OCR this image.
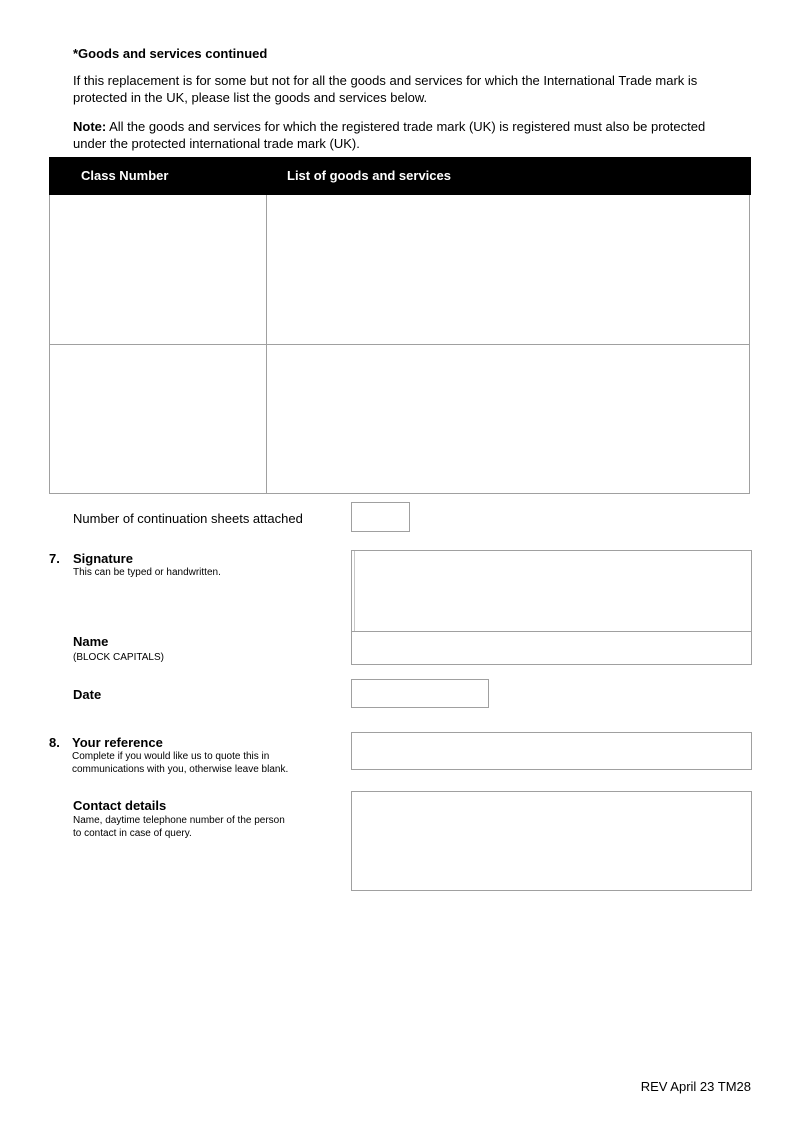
*Goods and services continued
If this replacement is for some but not for all the goods and services for which the International Trade mark is
protected in the UK, please list the goods and services below.
Note: All the goods and services for which the registered trade mark (UK) is registered must also be protected
under the protected international trade mark (UK).
Class Number	List of goods and services
Number of continuation sheets attached
7. Signature
This can be typed or handwritten.
Name
(BLOCK CAPITALS)
Date
8. Your reference
Complete if you would like us to quote this in
communications with you, otherwise leave blank.
Contact details
Name, daytime telephone number of the person
to contact in case of query.
REV April 23 TM28
